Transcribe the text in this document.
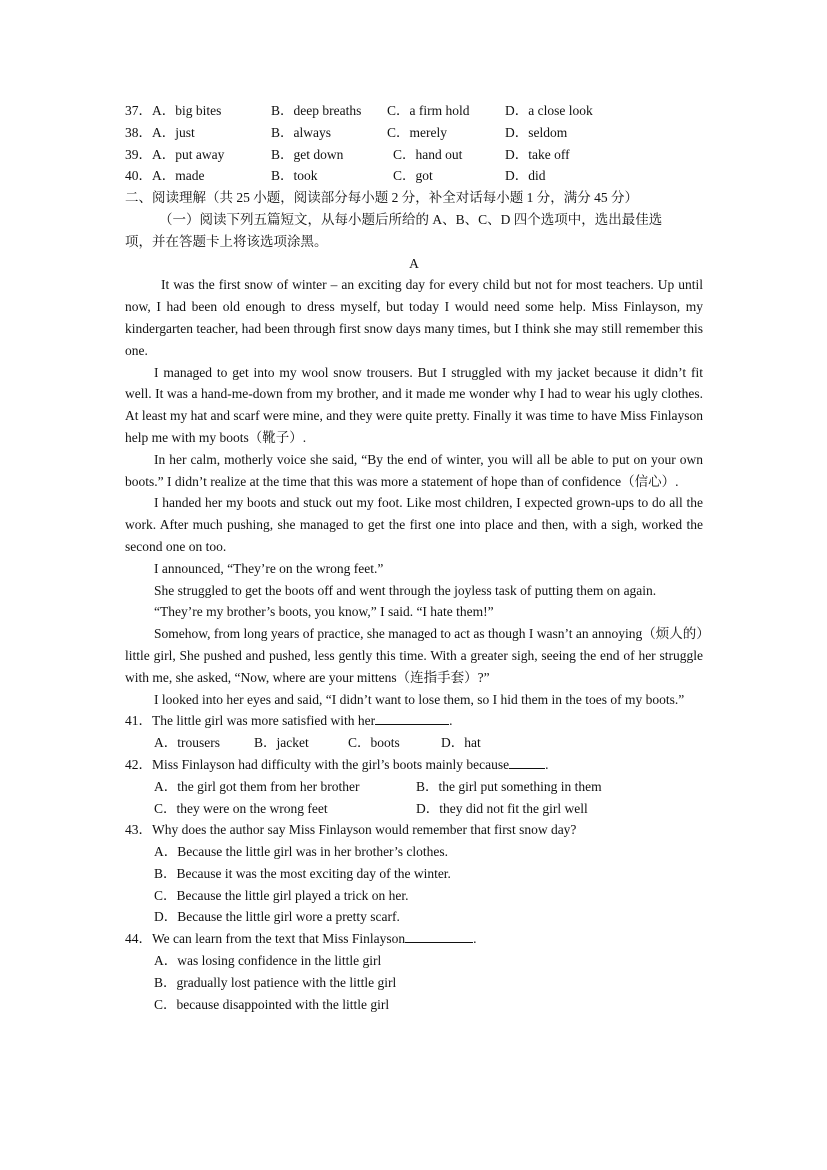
37．A．big bites	B．deep breaths C．a firm hold	D．a close look
38．A．just	B．always	C．merely	D．seldom
39．A．put away	B．get down	C．hand out	D．take off
40．A．made	B．took	C．got	D．did
二、阅读理解（共 25 小题，阅读部分每小题 2 分，补全对话每小题 1 分，满分 45 分）
（一）阅读下列五篇短文，从每小题后所给的 A、B、C、D 四个选项中，选出最佳选
项，并在答题卡上将该选项涂黑。
A
It was the first snow of winter – an exciting day for every child but not for most teachers. Up until now, I had been old enough to dress myself, but today I would need some help. Miss Finlayson, my kindergarten teacher, had been through first snow days many times, but I think she may still remember this one.
I managed to get into my wool snow trousers. But I struggled with my jacket because it didn’t fit well. It was a hand-me-down from my brother, and it made me wonder why I had to wear his ugly clothes. At least my hat and scarf were mine, and they were quite pretty. Finally it was time to have Miss Finlayson help me with my boots（靴子）.
In her calm, motherly voice she said, “By the end of winter, you will all be able to put on your own boots.” I didn’t realize at the time that this was more a statement of hope than of confidence（信心）.
I handed her my boots and stuck out my foot. Like most children, I expected grown-ups to do all the work. After much pushing, she managed to get the first one into place and then, with a sigh, worked the second one on too.
I announced, “They’re on the wrong feet.”
She struggled to get the boots off and went through the joyless task of putting them on again.
“They’re my brother’s boots, you know,” I said. “I hate them!”
Somehow, from long years of practice, she managed to act as though I wasn’t an annoying（烦人的）little girl, She pushed and pushed, less gently this time. With a greater sigh, seeing the end of her struggle with me, she asked, “Now, where are your mittens（连指手套）?”
I looked into her eyes and said, “I didn’t want to lose them, so I hid them in the toes of my boots.”
41．The little girl was more satisfied with her	.
A．trousers	B．jacket	C．boots	D．hat
42．Miss Finlayson had difficulty with the girl’s boots mainly because	.
A．the girl got them from her brother	B．the girl put something in them
C．they were on the wrong feet	D．they did not fit the girl well
43．Why does the author say Miss Finlayson would remember that first snow day?
A．Because the little girl was in her brother’s clothes.
B．Because it was the most exciting day of the winter.
C．Because the little girl played a trick on her.
D．Because the little girl wore a pretty scarf.
44．We can learn from the text that Miss Finlayson	.
A．was losing confidence in the little girl
B．gradually lost patience with the little girl
C．because disappointed with the little girl
